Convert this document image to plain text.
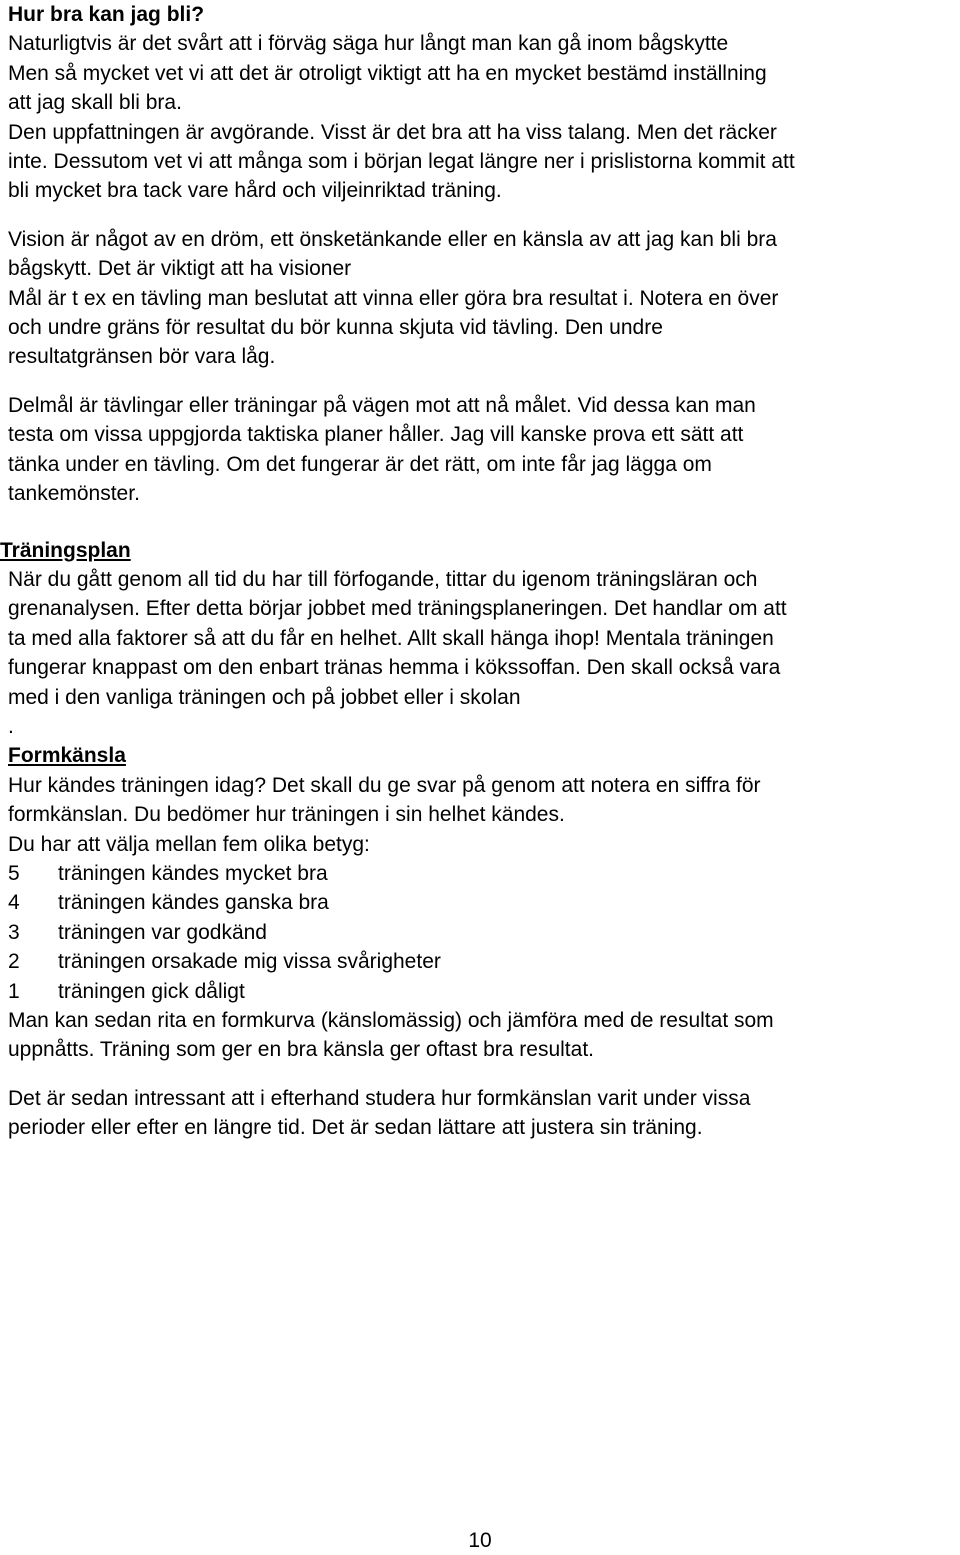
Hur bra kan jag bli?
Naturligtvis är det svårt att i förväg säga hur långt man kan gå inom bågskytte
Men så mycket vet vi att det är otroligt viktigt att ha en mycket bestämd inställning
att jag skall bli bra.
Den uppfattningen är avgörande. Visst är det bra att ha viss talang. Men det räcker
inte. Dessutom vet vi att många som i början legat längre ner i prislistorna kommit att
bli mycket bra tack vare hård och viljeinriktad träning.
Vision är något av en dröm, ett önsketänkande eller en känsla av att jag kan bli bra
bågskytt. Det är viktigt att ha visioner
Mål är t ex en tävling man beslutat att vinna eller göra bra resultat i. Notera en över
och undre gräns för resultat du bör kunna skjuta vid tävling. Den undre
resultatgränsen bör vara låg.
Delmål är tävlingar eller träningar på vägen mot att nå målet. Vid dessa kan man
testa om vissa uppgjorda taktiska planer håller. Jag vill kanske prova ett sätt att
tänka under en tävling. Om det fungerar är det rätt, om inte får jag lägga om
tankemönster.
Träningsplan
När du gått genom all tid du har till förfogande, tittar du igenom träningsläran och
grenanalysen. Efter detta börjar jobbet med träningsplaneringen. Det handlar om att
ta med alla faktorer så att du får en helhet. Allt skall hänga ihop! Mentala träningen
fungerar knappast om den enbart tränas hemma i kökssoffan. Den skall också vara
med i den vanliga träningen och på jobbet eller i skolan
.
Formkänsla
Hur kändes träningen idag? Det skall du ge svar på genom att notera en siffra för
formkänslan. Du bedömer hur träningen i sin helhet kändes.
Du har att välja mellan fem olika betyg:
5	träningen kändes mycket bra
4	träningen kändes ganska bra
3	träningen var godkänd
2	träningen orsakade mig vissa svårigheter
1	träningen gick dåligt
Man kan sedan rita en formkurva (känslomässig) och jämföra med de resultat som
uppnåtts. Träning som ger en bra känsla ger oftast bra resultat.
Det är sedan intressant att i efterhand studera hur formkänslan varit under vissa
perioder eller efter en längre tid. Det är sedan lättare att justera sin träning.
10
